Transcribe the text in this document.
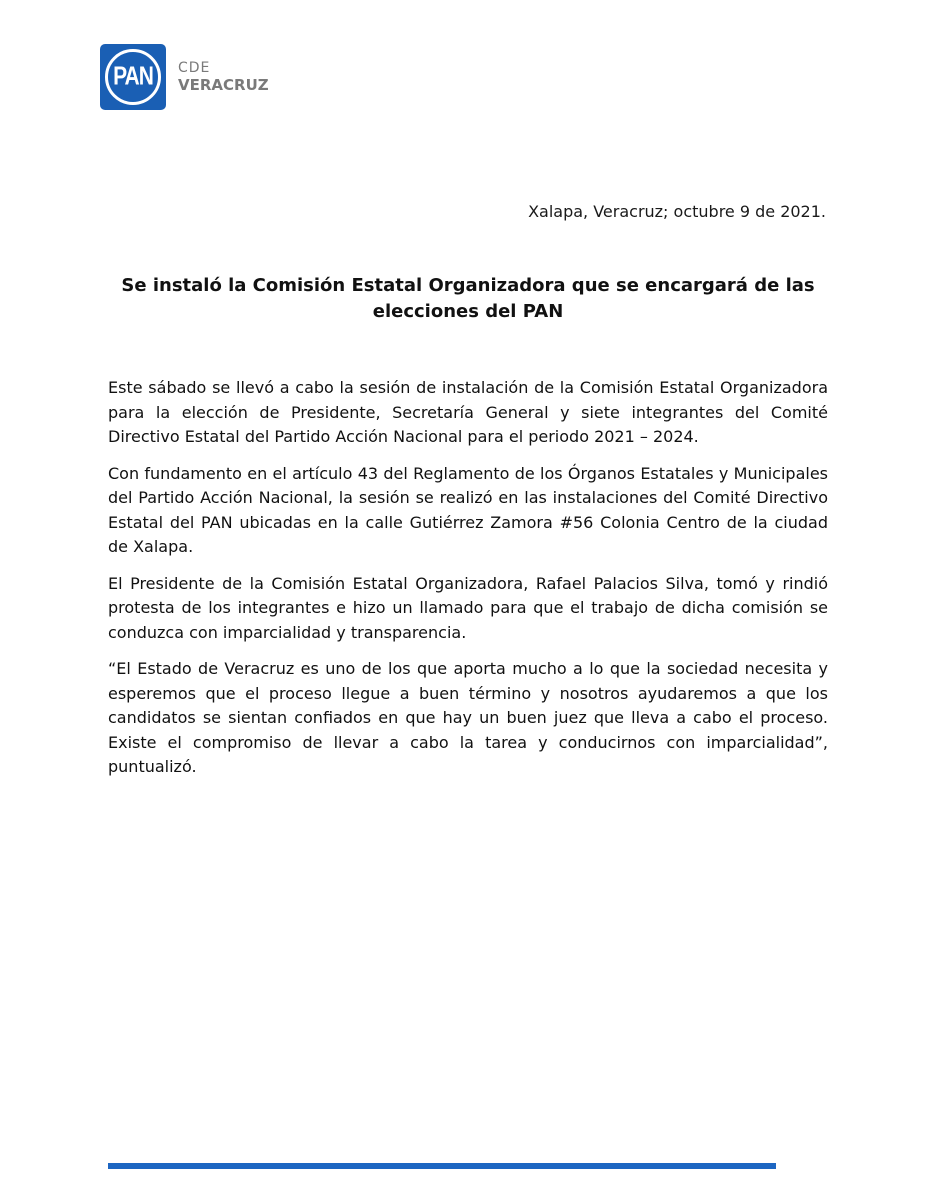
PAN CDE
VERACRUZ
Xalapa, Veracruz; octubre 9 de 2021.
Se instaló la Comisión Estatal Organizadora que se encargará de las elecciones del PAN

Este sábado se llevó a cabo la sesión de instalación de la Comisión Estatal Organizadora para la elección de Presidente, Secretaría General y siete integrantes del Comité Directivo Estatal del Partido Acción Nacional para el periodo 2021 – 2024.

Con fundamento en el artículo 43 del Reglamento de los Órganos Estatales y Municipales del Partido Acción Nacional, la sesión se realizó en las instalaciones del Comité Directivo Estatal del PAN ubicadas en la calle Gutiérrez Zamora #56 Colonia Centro de la ciudad de Xalapa.

El Presidente de la Comisión Estatal Organizadora, Rafael Palacios Silva, tomó y rindió protesta de los integrantes e hizo un llamado para que el trabajo de dicha comisión se conduzca con imparcialidad y transparencia.

“El Estado de Veracruz es uno de los que aporta mucho a lo que la sociedad necesita y esperemos que el proceso llegue a buen término y nosotros ayudaremos a que los candidatos se sientan confiados en que hay un buen juez que lleva a cabo el proceso. Existe el compromiso de llevar a cabo la tarea y conducirnos con imparcialidad”, puntualizó.
